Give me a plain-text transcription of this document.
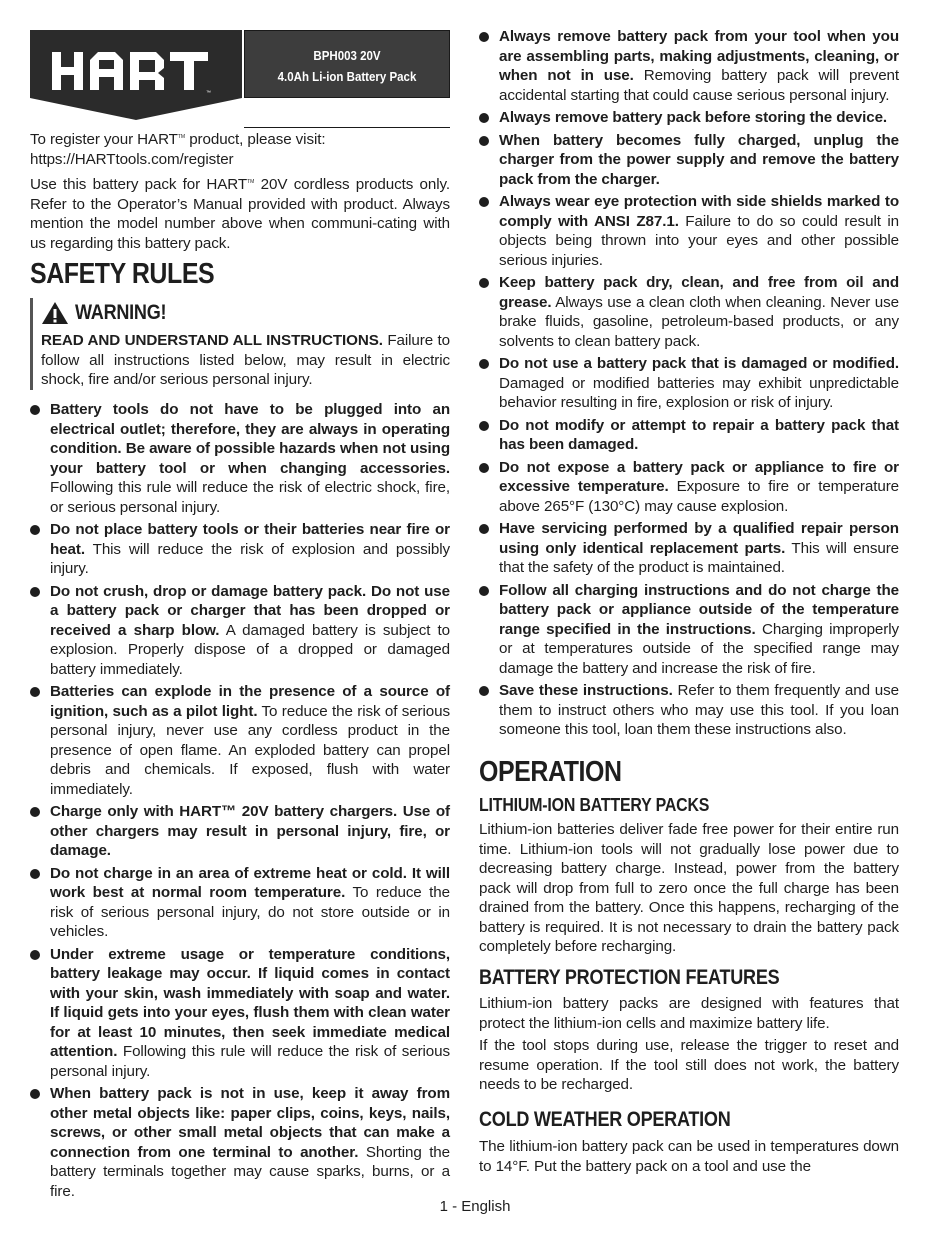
™
BPH003 20V
4.0Ah Li-ion Battery Pack
To register your HART™ product, please visit:
https://HARTtools.com/register
Use this battery pack for HART™ 20V cordless products only. Refer to the Operator’s Manual provided with product. Always mention the model number above when communi-cating with us regarding this battery pack.
SAFETY RULES
WARNING!
READ AND UNDERSTAND ALL INSTRUCTIONS. Failure to follow all instructions listed below, may result in electric shock, fire and/or serious personal injury.
Battery tools do not have to be plugged into an electrical outlet; therefore, they are always in operating condition. Be aware of possible hazards when not using your battery tool or when changing accessories. Following this rule will reduce the risk of electric shock, fire, or serious personal injury.
Do not place battery tools or their batteries near fire or heat. This will reduce the risk of explosion and possibly injury.
Do not crush, drop or damage battery pack. Do not use a battery pack or charger that has been dropped or received a sharp blow. A damaged battery is subject to explosion. Properly dispose of a dropped or damaged battery immediately.
Batteries can explode in the presence of a source of ignition, such as a pilot light. To reduce the risk of serious personal injury, never use any cordless product in the presence of open flame. An exploded battery can propel debris and chemicals. If exposed, flush with water immediately.
Charge only with HART™ 20V battery chargers. Use of other chargers may result in personal injury, fire, or damage.
Do not charge in an area of extreme heat or cold. It will work best at normal room temperature. To reduce the risk of serious personal injury, do not store outside or in vehicles.
Under extreme usage or temperature conditions, battery leakage may occur. If liquid comes in contact with your skin, wash immediately with soap and water. If liquid gets into your eyes, flush them with clean water for at least 10 minutes, then seek immediate medical attention. Following this rule will reduce the risk of serious personal injury.
When battery pack is not in use, keep it away from other metal objects like: paper clips, coins, keys, nails, screws, or other small metal objects that can make a connection from one terminal to another. Shorting the battery terminals together may cause sparks, burns, or a fire.
Always remove battery pack from your tool when you are assembling parts, making adjustments, cleaning, or when not in use. Removing battery pack will prevent accidental starting that could cause serious personal injury.
Always remove battery pack before storing the device.
When battery becomes fully charged, unplug the charger from the power supply and remove the battery pack from the charger.
Always wear eye protection with side shields marked to comply with ANSI Z87.1. Failure to do so could result in objects being thrown into your eyes and other possible serious injuries.
Keep battery pack dry, clean, and free from oil and grease. Always use a clean cloth when cleaning. Never use brake fluids, gasoline, petroleum-based products, or any solvents to clean battery pack.
Do not use a battery pack that is damaged or modified. Damaged or modified batteries may exhibit unpredictable behavior resulting in fire, explosion or risk of injury.
Do not modify or attempt to repair a battery pack that has been damaged.
Do not expose a battery pack or appliance to fire or excessive temperature. Exposure to fire or temperature above 265°F (130°C) may cause explosion.
Have servicing performed by a qualified repair person using only identical replacement parts. This will ensure that the safety of the product is maintained.
Follow all charging instructions and do not charge the battery pack or appliance outside of the temperature range specified in the instructions. Charging improperly or at temperatures outside of the specified range may damage the battery and increase the risk of fire.
Save these instructions. Refer to them frequently and use them to instruct others who may use this tool. If you loan someone this tool, loan them these instructions also.
OPERATION
LITHIUM-ION BATTERY PACKS
Lithium-ion batteries deliver fade free power for their entire run time. Lithium-ion tools will not gradually lose power due to decreasing battery charge. Instead, power from the battery pack will drop from full to zero once the full charge has been drained from the battery. Once this happens, recharging of the battery is required. It is not necessary to drain the battery pack completely before recharging.
BATTERY PROTECTION FEATURES
Lithium-ion battery packs are designed with features that protect the lithium-ion cells and maximize battery life.
If the tool stops during use, release the trigger to reset and resume operation. If the tool still does not work, the battery needs to be recharged.
COLD WEATHER OPERATION
The lithium-ion battery pack can be used in temperatures down to 14°F. Put the battery pack on a tool and use the
1 - English
